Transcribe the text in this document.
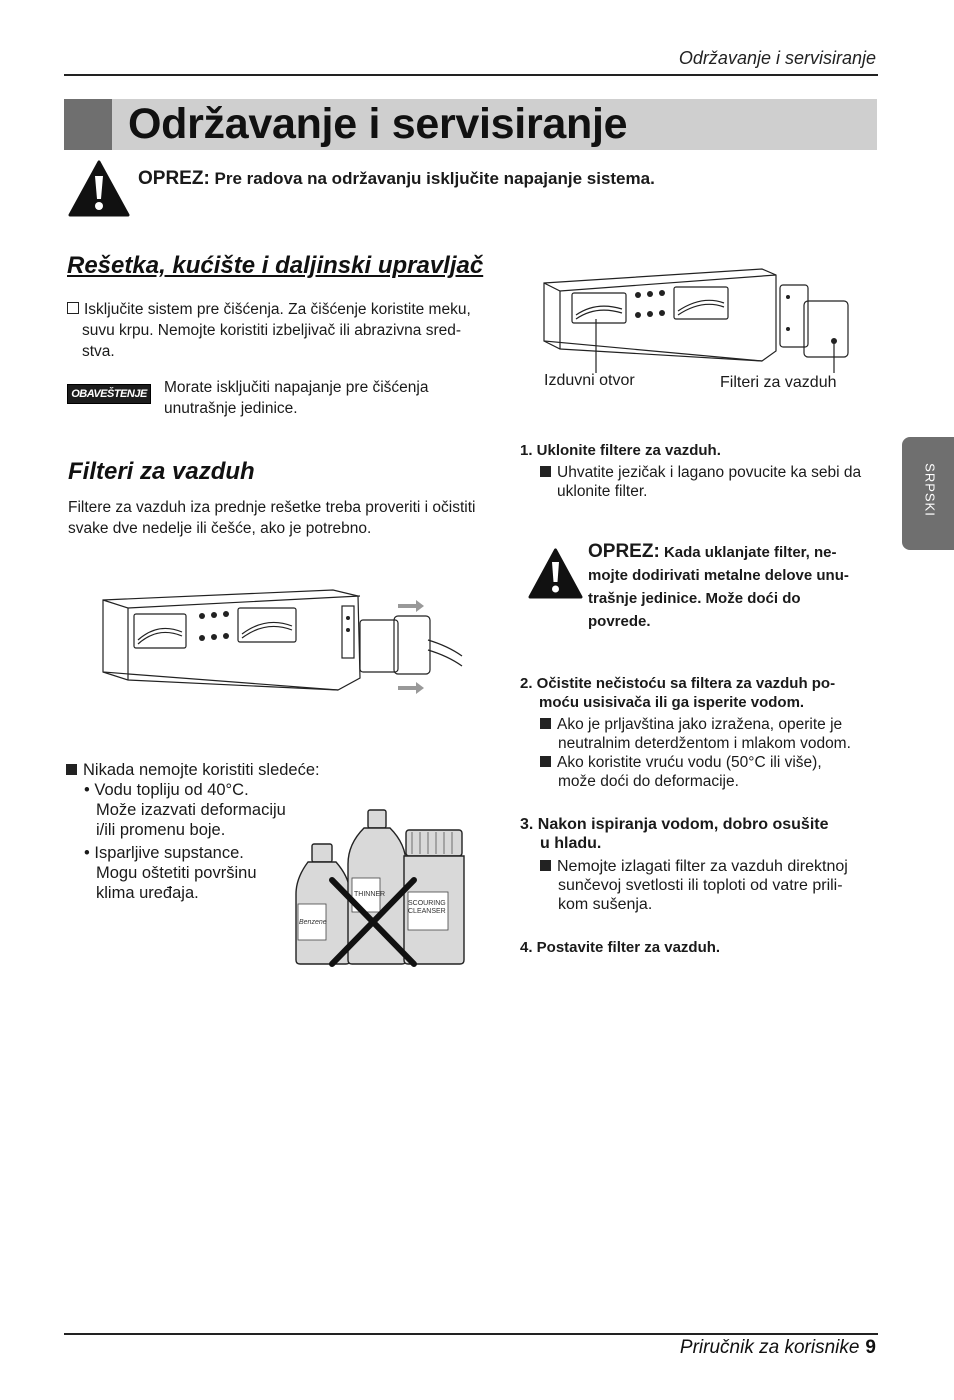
Održavanje i servisiranje
Održavanje i servisiranje
OPREZ: Pre radova na održavanju isključite napajanje sistema.
Rešetka, kućište i daljinski upravljač
Isključite sistem pre čišćenja. Za čišćenje koristite meku,
suvu krpu. Nemojte koristiti izbeljivač ili abrazivna sred-
stva.
OBAVEŠTENJE Morate isključiti napajanje pre čišćenja
unutrašnje jedinice.
Filteri za vazduh
Filtere za vazduh iza prednje rešetke treba proveriti i očistiti
svake dve nedelje ili češće, ako je potrebno.
Nikada nemojte koristiti sledeće:
• Vodu topliju od 40°C.
Može izazvati deformaciju
i/ili promenu boje.
• Isparljive supstance.
Mogu oštetiti površinu
klima uređaja.
Benzene
THINNER
SCOURING CLEANSER
Izduvni otvor	Filteri za vazduh
1. Uklonite filtere za vazduh.
Uhvatite jezičak i lagano povucite ka sebi da
uklonite filter.
OPREZ: Kada uklanjate filter, ne-
mojte dodirivati metalne delove unu-
trašnje jedinice. Može doći do
povrede.
2. Očistite nečistoću sa filtera za vazduh po-
moću usisivača ili ga isperite vodom.
Ako je prljavština jako izražena, operite je
neutralnim deterdžentom i mlakom vodom.
Ako koristite vruću vodu (50°C ili više),
može doći do deformacije.
3. Nakon ispiranja vodom, dobro osušite
u hladu.
Nemojte izlagati filter za vazduh direktnoj
sunčevoj svetlosti ili toploti od vatre prili-
kom sušenja.
4. Postavite filter za vazduh.
SRPSKI
Priručnik za korisnike 9
